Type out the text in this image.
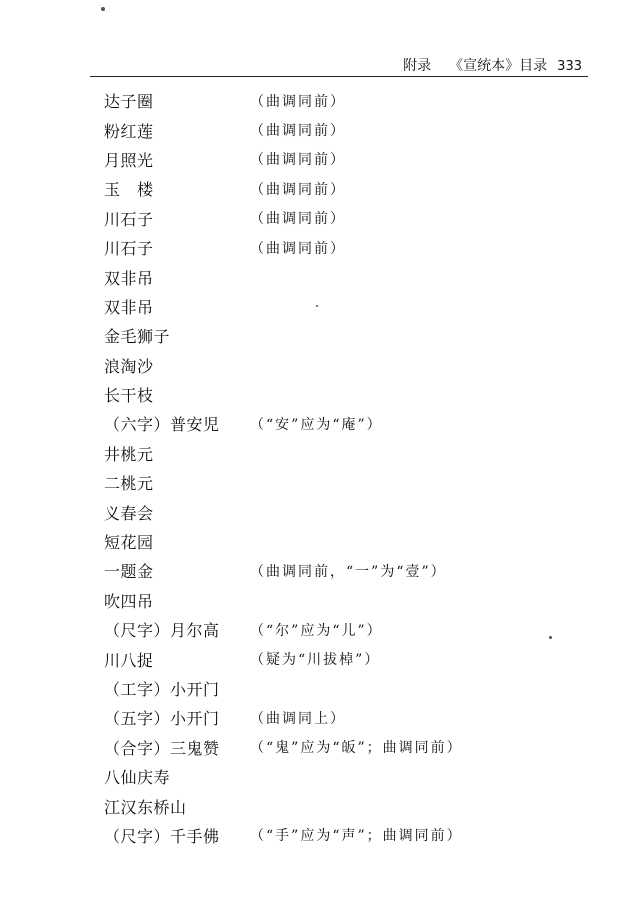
附录 《宣统本》目录 333
达子圈	（曲调同前）
粉红莲	（曲调同前）
月照光	（曲调同前）
玉　楼	（曲调同前）
川石子	（曲调同前）
川石子	（曲调同前）
双非吊
双非吊
金毛狮子
浪淘沙
长干枝
（六字）普安児	（“安”应为“庵”）
井桃元
二桃元
义春会
短花园
一题金	（曲调同前，“一”为“壹”）
吹四吊
（尺字）月尔高	（“尔”应为“儿”）
川八捉	（疑为“川拔棹”）
（工字）小开门
（五字）小开门	（曲调同上）
（合字）三鬼赞	（“鬼”应为“皈”；曲调同前）
八仙庆寿
江汉东桥山
（尺字）千手佛	（“手”应为“声”；曲调同前）
